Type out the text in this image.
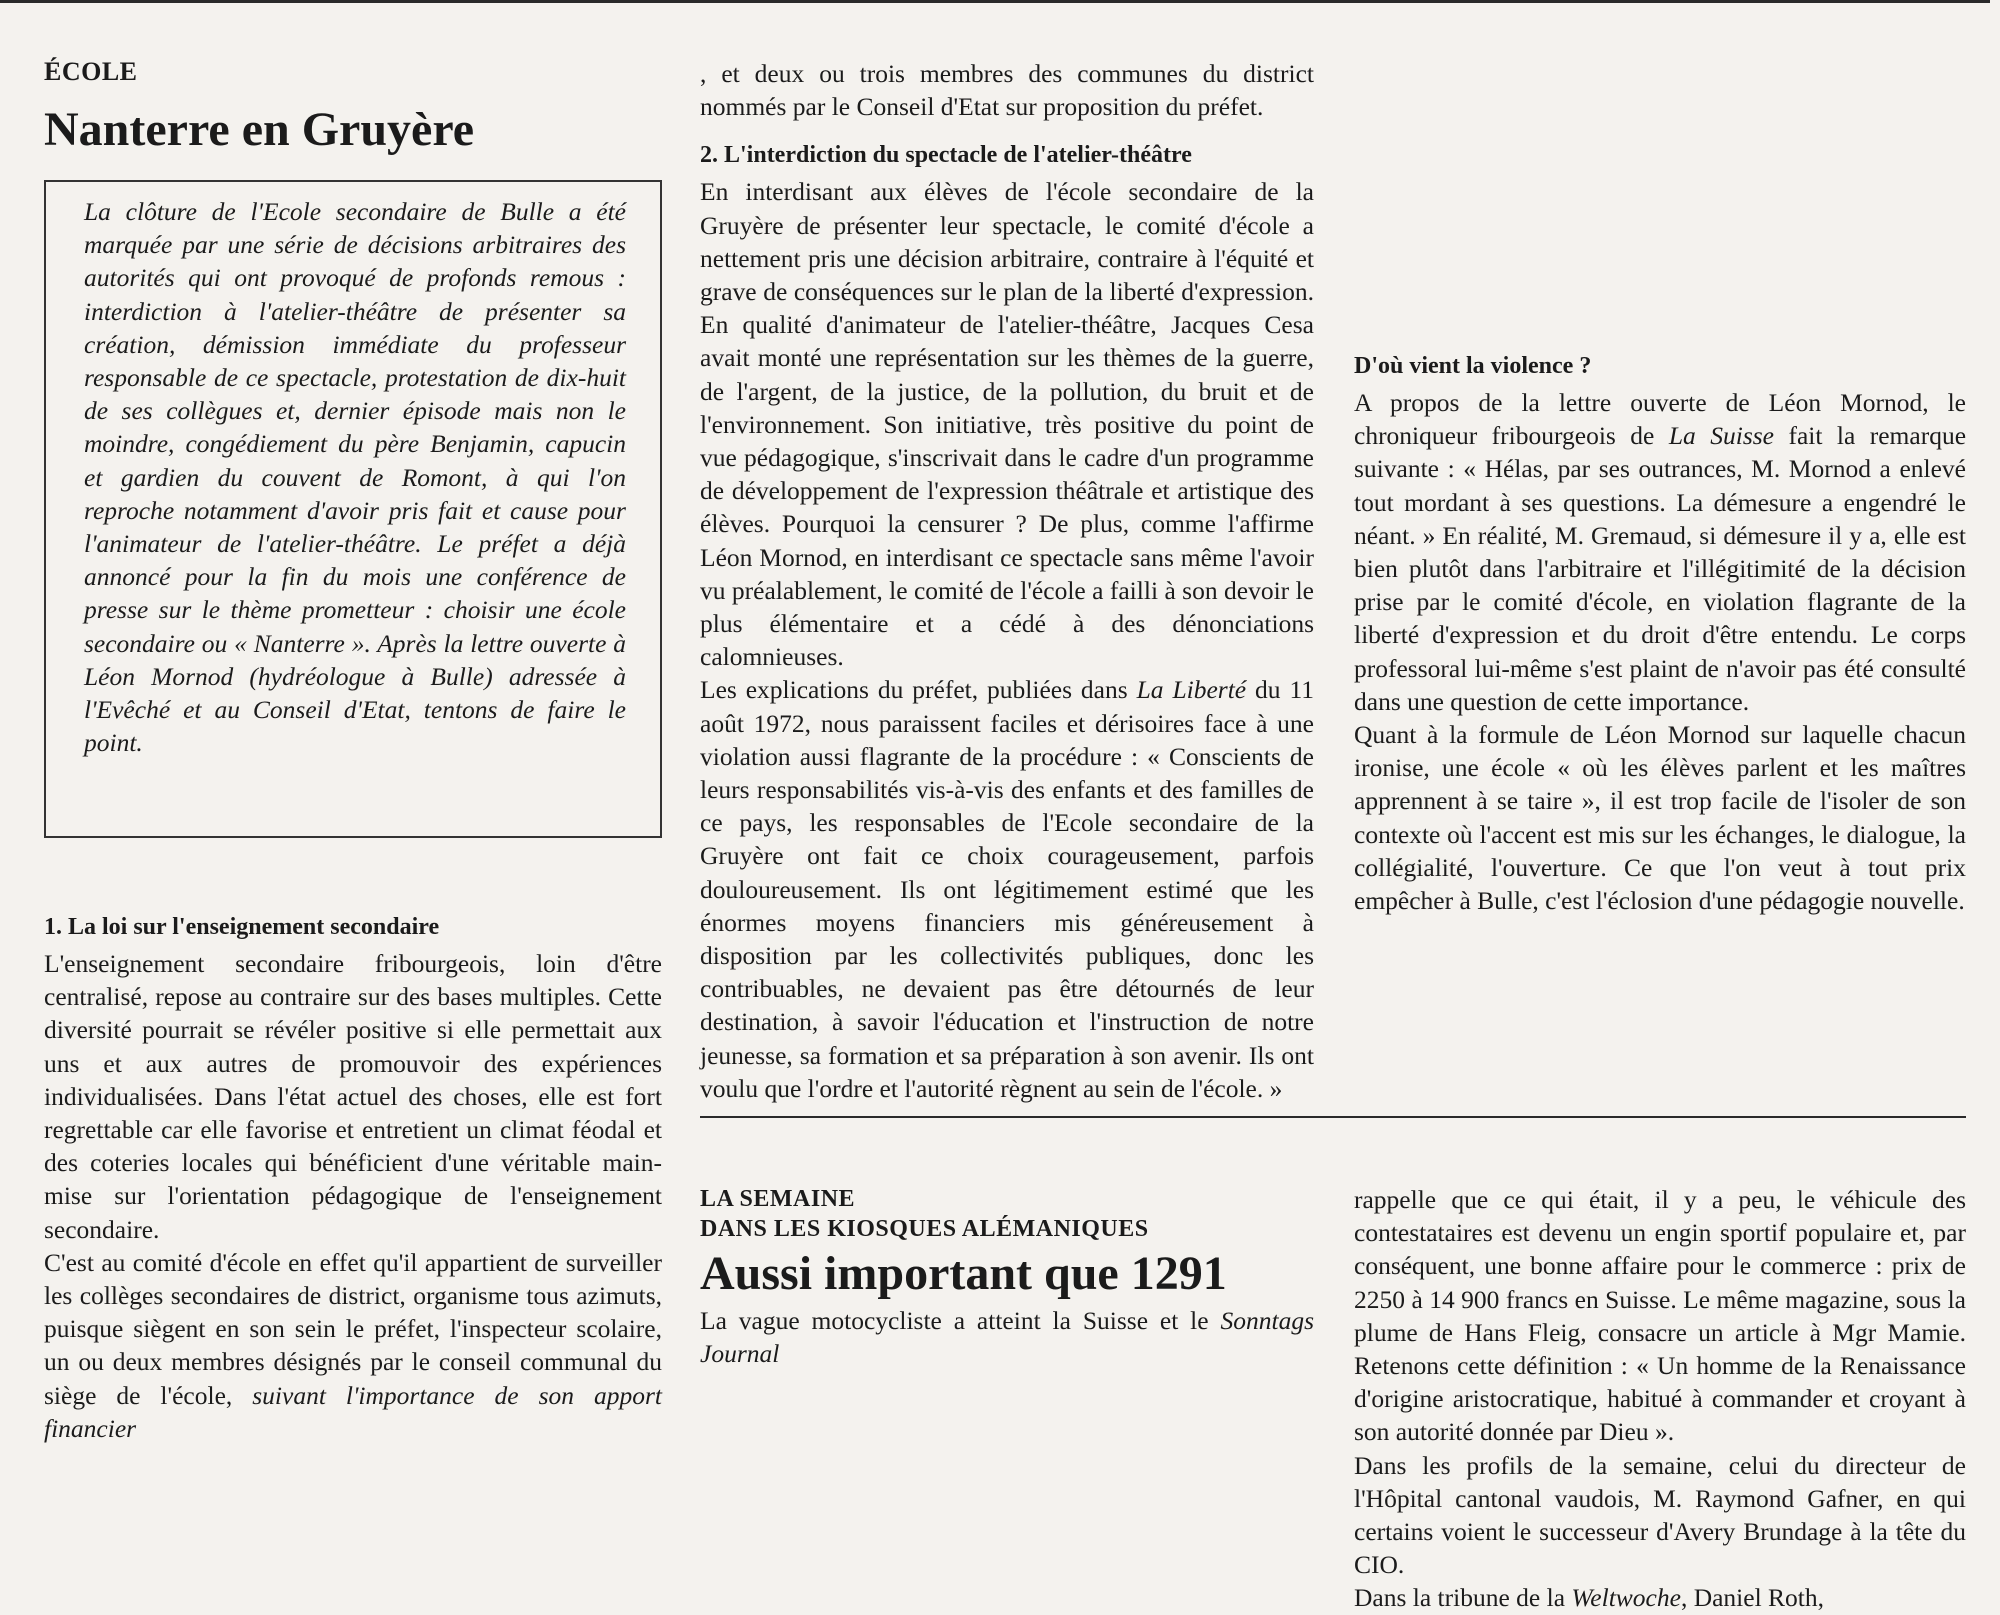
ÉCOLE
Nanterre en Gruyère

La clôture de l'Ecole secondaire de Bulle a été marquée par une série de décisions arbitraires des autorités qui ont provoqué de profonds remous : interdiction à l'atelier-théâtre de présenter sa création, démission immédiate du professeur responsable de ce spectacle, protestation de dix-huit de ses collègues et, dernier épisode mais non le moindre, congédiement du père Benjamin, capucin et gardien du couvent de Romont, à qui l'on reproche notamment d'avoir pris fait et cause pour l'animateur de l'atelier-théâtre. Le préfet a déjà annoncé pour la fin du mois une conférence de presse sur le thème prometteur : choisir une école secondaire ou « Nanterre ». Après la lettre ouverte à Léon Mornod (hydréologue à Bulle) adressée à l'Evêché et au Conseil d'Etat, tentons de faire le point.

1. La loi sur l'enseignement secondaire

L'enseignement secondaire fribourgeois, loin d'être centralisé, repose au contraire sur des bases multiples. Cette diversité pourrait se révéler positive si elle permettait aux uns et aux autres de promouvoir des expériences individualisées. Dans l'état actuel des choses, elle est fort regrettable car elle favorise et entretient un climat féodal et des coteries locales qui bénéficient d'une véritable main-mise sur l'orientation pédagogique de l'enseignement secondaire.

C'est au comité d'école en effet qu'il appartient de surveiller les collèges secondaires de district, organisme tous azimuts, puisque siègent en son sein le préfet, l'inspecteur scolaire, un ou deux membres désignés par le conseil communal du siège de l'école, suivant l'importance de son apport financier

, et deux ou trois membres des communes du district nommés par le Conseil d'Etat sur proposition du préfet.

2. L'interdiction du spectacle de l'atelier-théâtre

En interdisant aux élèves de l'école secondaire de la Gruyère de présenter leur spectacle, le comité d'école a nettement pris une décision arbitraire, contraire à l'équité et grave de conséquences sur le plan de la liberté d'expression. En qualité d'animateur de l'atelier-théâtre, Jacques Cesa avait monté une représentation sur les thèmes de la guerre, de l'argent, de la justice, de la pollution, du bruit et de l'environnement. Son initiative, très positive du point de vue pédagogique, s'inscrivait dans le cadre d'un programme de développement de l'expression théâtrale et artistique des élèves. Pourquoi la censurer ? De plus, comme l'affirme Léon Mornod, en interdisant ce spectacle sans même l'avoir vu préalablement, le comité de l'école a failli à son devoir le plus élémentaire et a cédé à des dénonciations calomnieuses.

Les explications du préfet, publiées dans La Liberté du 11 août 1972, nous paraissent faciles et dérisoires face à une violation aussi flagrante de la procédure : « Conscients de leurs responsabilités vis-à-vis des enfants et des familles de ce pays, les responsables de l'Ecole secondaire de la Gruyère ont fait ce choix courageusement, parfois douloureusement. Ils ont légitimement estimé que les énormes moyens financiers mis généreusement à disposition par les collectivités publiques, donc les contribuables, ne devaient pas être détournés de leur destination, à savoir l'éducation et l'instruction de notre jeunesse, sa formation et sa préparation à son avenir. Ils ont voulu que l'ordre et l'autorité règnent au sein de l'école. »

D'où vient la violence ?

A propos de la lettre ouverte de Léon Mornod, le chroniqueur fribourgeois de La Suisse fait la remarque suivante : « Hélas, par ses outrances, M. Mornod a enlevé tout mordant à ses questions. La démesure a engendré le néant. » En réalité, M. Gremaud, si démesure il y a, elle est bien plutôt dans l'arbitraire et l'illégitimité de la décision prise par le comité d'école, en violation flagrante de la liberté d'expression et du droit d'être entendu. Le corps professoral lui-même s'est plaint de n'avoir pas été consulté dans une question de cette importance.

Quant à la formule de Léon Mornod sur laquelle chacun ironise, une école « où les élèves parlent et les maîtres apprennent à se taire », il est trop facile de l'isoler de son contexte où l'accent est mis sur les échanges, le dialogue, la collégialité, l'ouverture. Ce que l'on veut à tout prix empêcher à Bulle, c'est l'éclosion d'une pédagogie nouvelle.

LA SEMAINE
DANS LES KIOSQUES ALÉMANIQUES
Aussi important que 1291

La vague motocycliste a atteint la Suisse et le Sonntags Journal

rappelle que ce qui était, il y a peu, le véhicule des contestataires est devenu un engin sportif populaire et, par conséquent, une bonne affaire pour le commerce : prix de 2250 à 14 900 francs en Suisse. Le même magazine, sous la plume de Hans Fleig, consacre un article à Mgr Mamie. Retenons cette définition : « Un homme de la Renaissance d'origine aristocratique, habitué à commander et croyant à son autorité donnée par Dieu ».

Dans les profils de la semaine, celui du directeur de l'Hôpital cantonal vaudois, M. Raymond Gafner, en qui certains voient le successeur d'Avery Brundage à la tête du CIO.

Dans la tribune de la Weltwoche, Daniel Roth,
